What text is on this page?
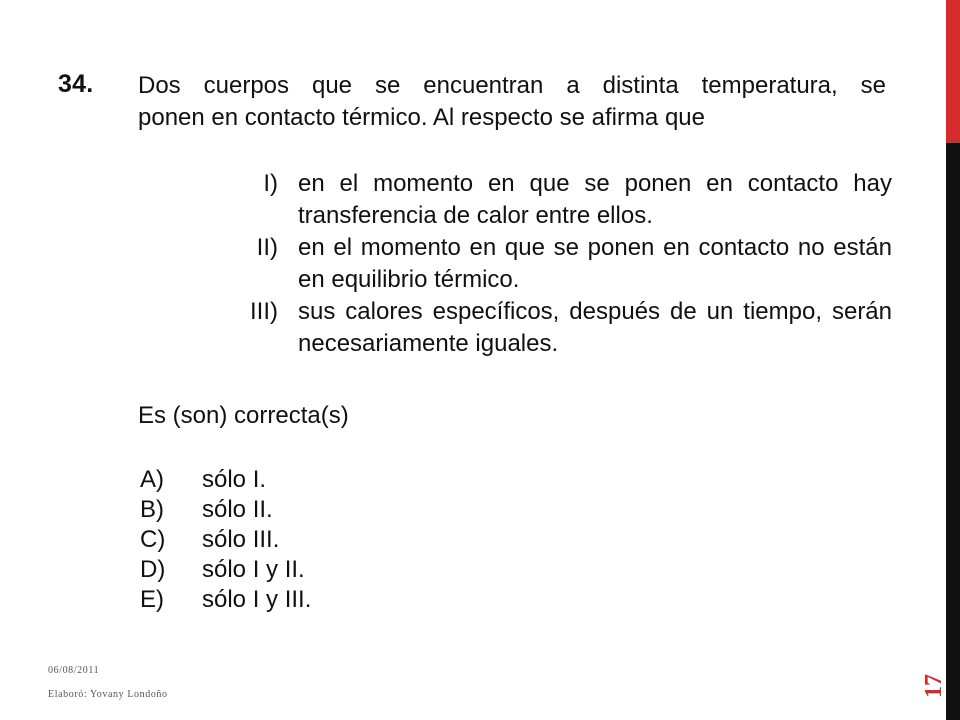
34. Dos cuerpos que se encuentran a distinta temperatura, se
ponen en contacto térmico. Al respecto se afirma que
I) en el momento en que se ponen en contacto hay transferencia de calor entre ellos.
II) en el momento en que se ponen en contacto no están en equilibrio térmico.
III) sus calores específicos, después de un tiempo, serán necesariamente iguales.
Es (son) correcta(s)
A)	sólo I.
B)	sólo II.
C)	sólo III.
D)	sólo I y II.
E)	sólo I y III.
06/08/2011
Elaboró: Yovany Londoño	17
